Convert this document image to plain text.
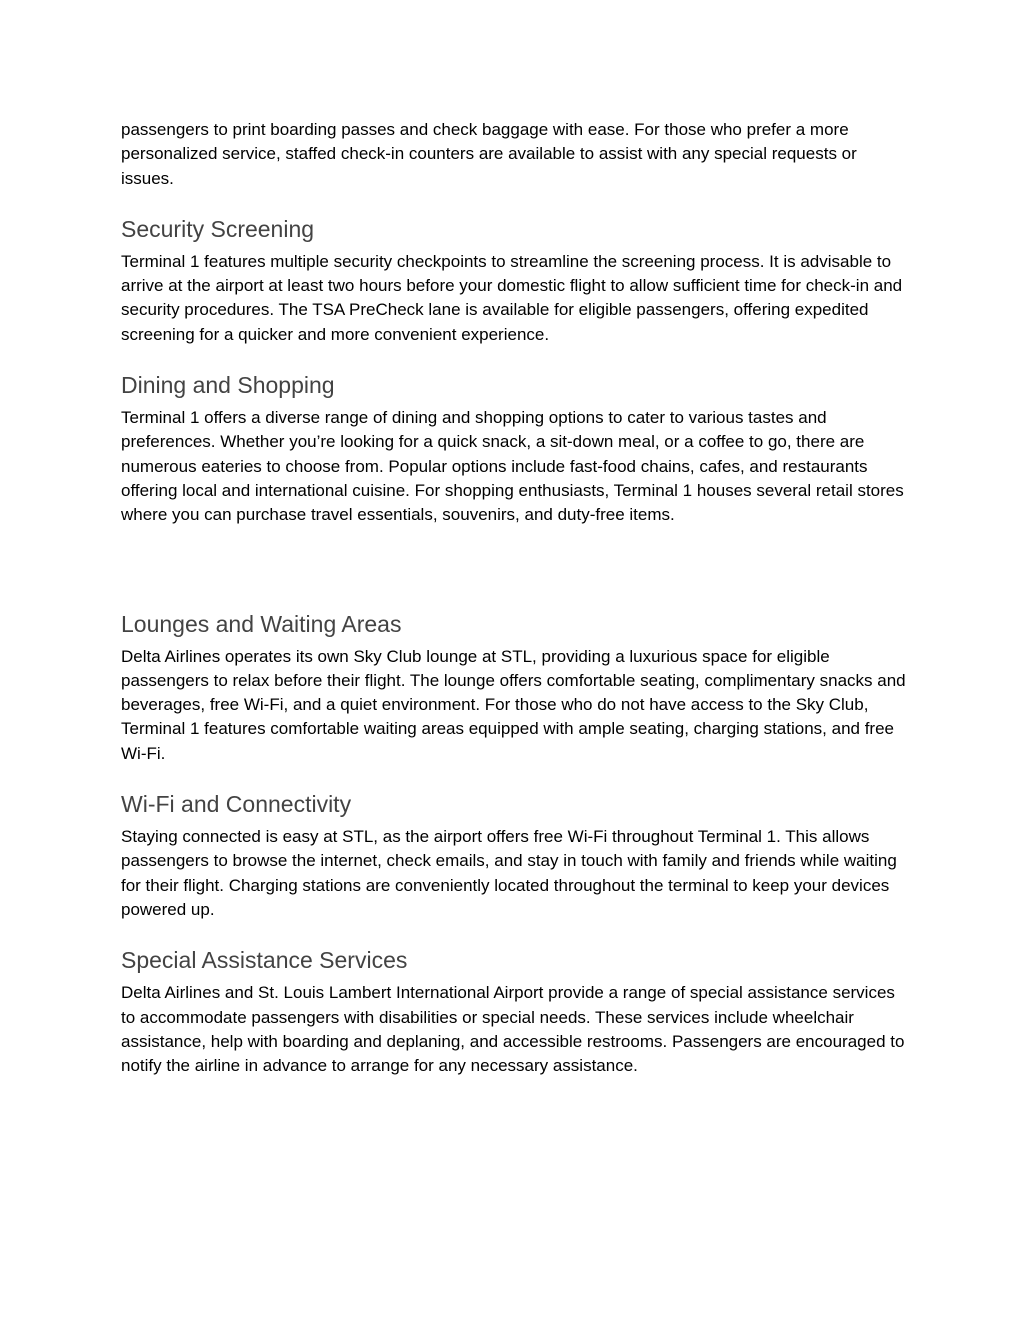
passengers to print boarding passes and check baggage with ease. For those who prefer a more personalized service, staffed check-in counters are available to assist with any special requests or issues.

Security Screening

Terminal 1 features multiple security checkpoints to streamline the screening process. It is advisable to arrive at the airport at least two hours before your domestic flight to allow sufficient time for check-in and security procedures. The TSA PreCheck lane is available for eligible passengers, offering expedited screening for a quicker and more convenient experience.

Dining and Shopping

Terminal 1 offers a diverse range of dining and shopping options to cater to various tastes and preferences. Whether you’re looking for a quick snack, a sit-down meal, or a coffee to go, there are numerous eateries to choose from. Popular options include fast-food chains, cafes, and restaurants offering local and international cuisine. For shopping enthusiasts, Terminal 1 houses several retail stores where you can purchase travel essentials, souvenirs, and duty-free items.

Lounges and Waiting Areas

Delta Airlines operates its own Sky Club lounge at STL, providing a luxurious space for eligible passengers to relax before their flight. The lounge offers comfortable seating, complimentary snacks and beverages, free Wi-Fi, and a quiet environment. For those who do not have access to the Sky Club, Terminal 1 features comfortable waiting areas equipped with ample seating, charging stations, and free Wi-Fi.

Wi-Fi and Connectivity

Staying connected is easy at STL, as the airport offers free Wi-Fi throughout Terminal 1. This allows passengers to browse the internet, check emails, and stay in touch with family and friends while waiting for their flight. Charging stations are conveniently located throughout the terminal to keep your devices powered up.

Special Assistance Services

Delta Airlines and St. Louis Lambert International Airport provide a range of special assistance services to accommodate passengers with disabilities or special needs. These services include wheelchair assistance, help with boarding and deplaning, and accessible restrooms. Passengers are encouraged to notify the airline in advance to arrange for any necessary assistance.
